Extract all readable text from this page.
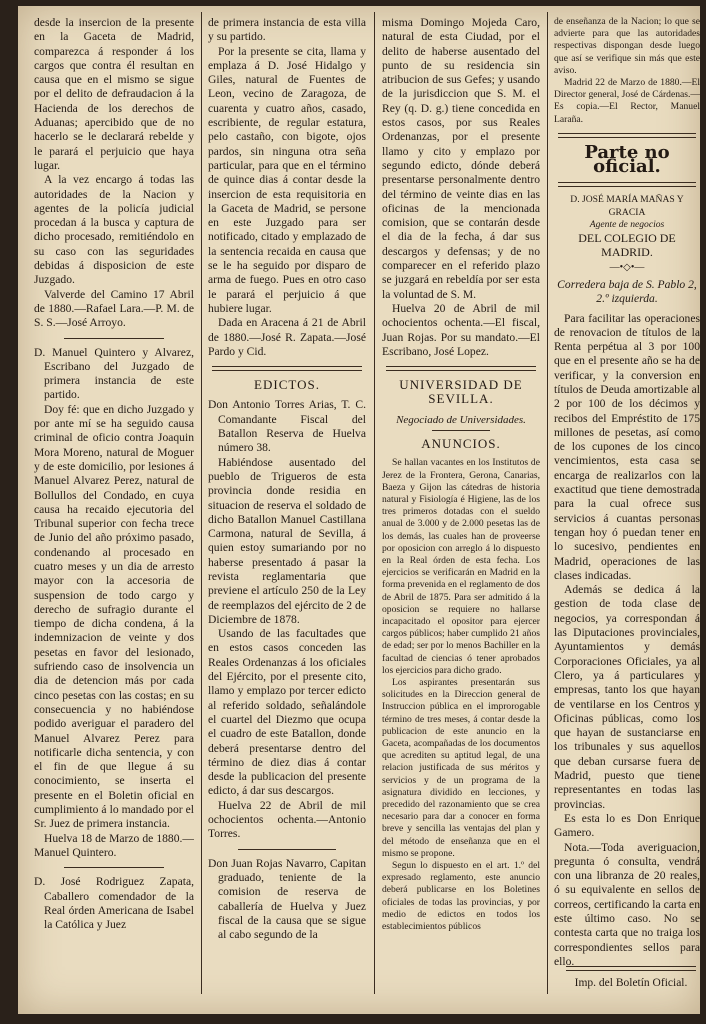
desde la insercion de la presente en la Gaceta de Madrid, comparezca á responder á los cargos que contra él resultan en causa que en el mismo se sigue por el delito de defraudacion á la Hacienda de los derechos de Aduanas; apercibido que de no hacerlo se le declarará rebelde y le parará el perjuicio que haya lugar.

A la vez encargo á todas las autoridades de la Nacion y agentes de la policía judicial procedan á la busca y captura de dicho procesado, remitiéndolo en su caso con las seguridades debidas á disposicion de este Juzgado.

Valverde del Camino 17 Abril de 1880.—Rafael Lara.—P. M. de S. S.—José Arroyo.

D. Manuel Quintero y Alvarez, Escribano del Juzgado de primera instancia de este partido.

Doy fé: que en dicho Juzgado y por ante mí se ha seguido causa criminal de oficio contra Joaquin Mora Moreno, natural de Moguer y de este domicilio, por lesiones á Manuel Alvarez Perez, natural de Bollullos del Condado, en cuya causa ha recaido ejecutoria del Tribunal superior con fecha trece de Junio del año próximo pasado, condenando al procesado en cuatro meses y un dia de arresto mayor con la accesoria de suspension de todo cargo y derecho de sufragio durante el tiempo de dicha condena, á la indemnizacion de veinte y dos pesetas en favor del lesionado, sufriendo caso de insolvencia un dia de detencion más por cada cinco pesetas con las costas; en su consecuencia y no habiéndose podido averiguar el paradero del Manuel Alvarez Perez para notificarle dicha sentencia, y con el fin de que llegue á su conocimiento, se inserta el presente en el Boletin oficial en cumplimiento á lo mandado por el Sr. Juez de primera instancia.

Huelva 18 de Marzo de 1880.—Manuel Quintero.

D. José Rodriguez Zapata, Caballero comendador de la Real órden Americana de Isabel la Católica y Juez

de primera instancia de esta villa y su partido.

Por la presente se cita, llama y emplaza á D. José Hidalgo y Giles, natural de Fuentes de Leon, vecino de Zaragoza, de cuarenta y cuatro años, casado, escribiente, de regular estatura, pelo castaño, con bigote, ojos pardos, sin ninguna otra seña particular, para que en el término de quince dias á contar desde la insercion de esta requisitoria en la Gaceta de Madrid, se persone en este Juzgado para ser notificado, citado y emplazado de la sentencia recaida en causa que se le ha seguido por disparo de arma de fuego. Pues en otro caso le parará el perjuicio á que hubiere lugar.

Dada en Aracena á 21 de Abril de 1880.—José R. Zapata.—José Pardo y Cid.

EDICTOS.

Don Antonio Torres Arias, T. C. Comandante Fiscal del Batallon Reserva de Huelva número 38.

Habiéndose ausentado del pueblo de Trigueros de esta provincia donde residia en situacion de reserva el soldado de dicho Batallon Manuel Castillana Carmona, natural de Sevilla, á quien estoy sumariando por no haberse presentado á pasar la revista reglamentaria que previene el artículo 250 de la Ley de reemplazos del ejército de 2 de Diciembre de 1878.

Usando de las facultades que en estos casos conceden las Reales Ordenanzas á los oficiales del Ejército, por el presente cito, llamo y emplazo por tercer edicto al referido soldado, señalándole el cuartel del Diezmo que ocupa el cuadro de este Batallon, donde deberá presentarse dentro del término de diez dias á contar desde la publicacion del presente edicto, á dar sus descargos.

Huelva 22 de Abril de mil ochocientos ochenta.—Antonio Torres.

Don Juan Rojas Navarro, Capitan graduado, teniente de la comision de reserva de caballería de Huelva y Juez fiscal de la causa que se sigue al cabo segundo de la

misma Domingo Mojeda Caro, natural de esta Ciudad, por el delito de haberse ausentado del punto de su residencia sin atribucion de sus Gefes; y usando de la jurisdiccion que S. M. el Rey (q. D. g.) tiene concedida en estos casos, por sus Reales Ordenanzas, por el presente llamo y cito y emplazo por segundo edicto, dónde deberá presentarse personalmente dentro del término de veinte dias en las oficinas de la mencionada comision, que se contarán desde el dia de la fecha, á dar sus descargos y defensas; y de no comparecer en el referido plazo se juzgará en rebeldía por ser esta la voluntad de S. M.

Huelva 20 de Abril de mil ochocientos ochenta.—El fiscal, Juan Rojas. Por su mandato.—El Escribano, José Lopez.

UNIVERSIDAD DE SEVILLA.

Negociado de Universidades.

ANUNCIOS.

Se hallan vacantes en los Institutos de Jerez de la Frontera, Gerona, Canarias, Baeza y Gijon las cátedras de historia natural y Fisiología é Higiene, las de los tres primeros dotadas con el sueldo anual de 3.000 y de 2.000 pesetas las de los demás, las cuales han de proveerse por oposicion con arreglo á lo dispuesto en la Real órden de esta fecha. Los ejercicios se verificarán en Madrid en la forma prevenida en el reglamento de dos de Abril de 1875. Para ser admitido á la oposicion se requiere no hallarse incapacitado el opositor para ejercer cargos públicos; haber cumplido 21 años de edad; ser por lo menos Bachiller en la facultad de ciencias ó tener aprobados los ejercicios para dicho grado.

Los aspirantes presentarán sus solicitudes en la Direccion general de Instruccion pública en el improrogable término de tres meses, á contar desde la publicacion de este anuncio en la Gaceta, acompañadas de los documentos que acrediten su aptitud legal, de una relacion justificada de sus méritos y servicios y de un programa de la asignatura dividido en lecciones, y precedido del razonamiento que se crea necesario para dar a conocer en forma breve y sencilla las ventajas del plan y del método de enseñanza que en el mismo se propone.

Segun lo dispuesto en el art. 1.º del expresado reglamento, este anuncio deberá publicarse en los Boletines oficiales de todas las provincias, y por medio de edictos en todos los establecimientos públicos

de enseñanza de la Nacion; lo que se advierte para que las autoridades respectivas dispongan desde luego que así se verifique sin más que este aviso.

Madrid 22 de Marzo de 1880.—El Director general, José de Cárdenas.—Es copia.—El Rector, Manuel Laraña.

Parte no oficial.

D. JOSÉ MARÍA MAÑAS Y GRACIA

Agente de negocios

DEL COLEGIO DE MADRID.

—•◇•—

Corredera baja de S. Pablo 2, 2.º izquierda.

Para facilitar las operaciones de renovacion de títulos de la Renta perpétua al 3 por 100 que en el presente año se ha de verificar, y la conversion en títulos de Deuda amortizable al 2 por 100 de los décimos y recibos del Empréstito de 175 millones de pesetas, así como de los cupones de los cinco vencimientos, esta casa se encarga de realizarlos con la exactitud que tiene demostrada para la cual ofrece sus servicios á cuantas personas tengan hoy ó puedan tener en lo sucesivo, pendientes en Madrid, operaciones de las clases indicadas.

Además se dedica á la gestion de toda clase de negocios, ya correspondan á las Diputaciones provinciales, Ayuntamientos y demás Corporaciones Oficiales, ya al Clero, ya á particulares y empresas, tanto los que hayan de ventilarse en los Centros y Oficinas públicas, como los que hayan de sustanciarse en los tribunales y sus aquellos que deban cursarse fuera de Madrid, puesto que tiene representantes en todas las provincias.

Es esta lo es Don Enrique Gamero.

Nota.—Toda averiguacion, pregunta ó consulta, vendrá con una libranza de 20 reales, ó su equivalente en sellos de correos, certificando la carta en este último caso. No se contesta carta que no traiga los correspondientes sellos para ello.

Imp. del Boletín Oficial.
